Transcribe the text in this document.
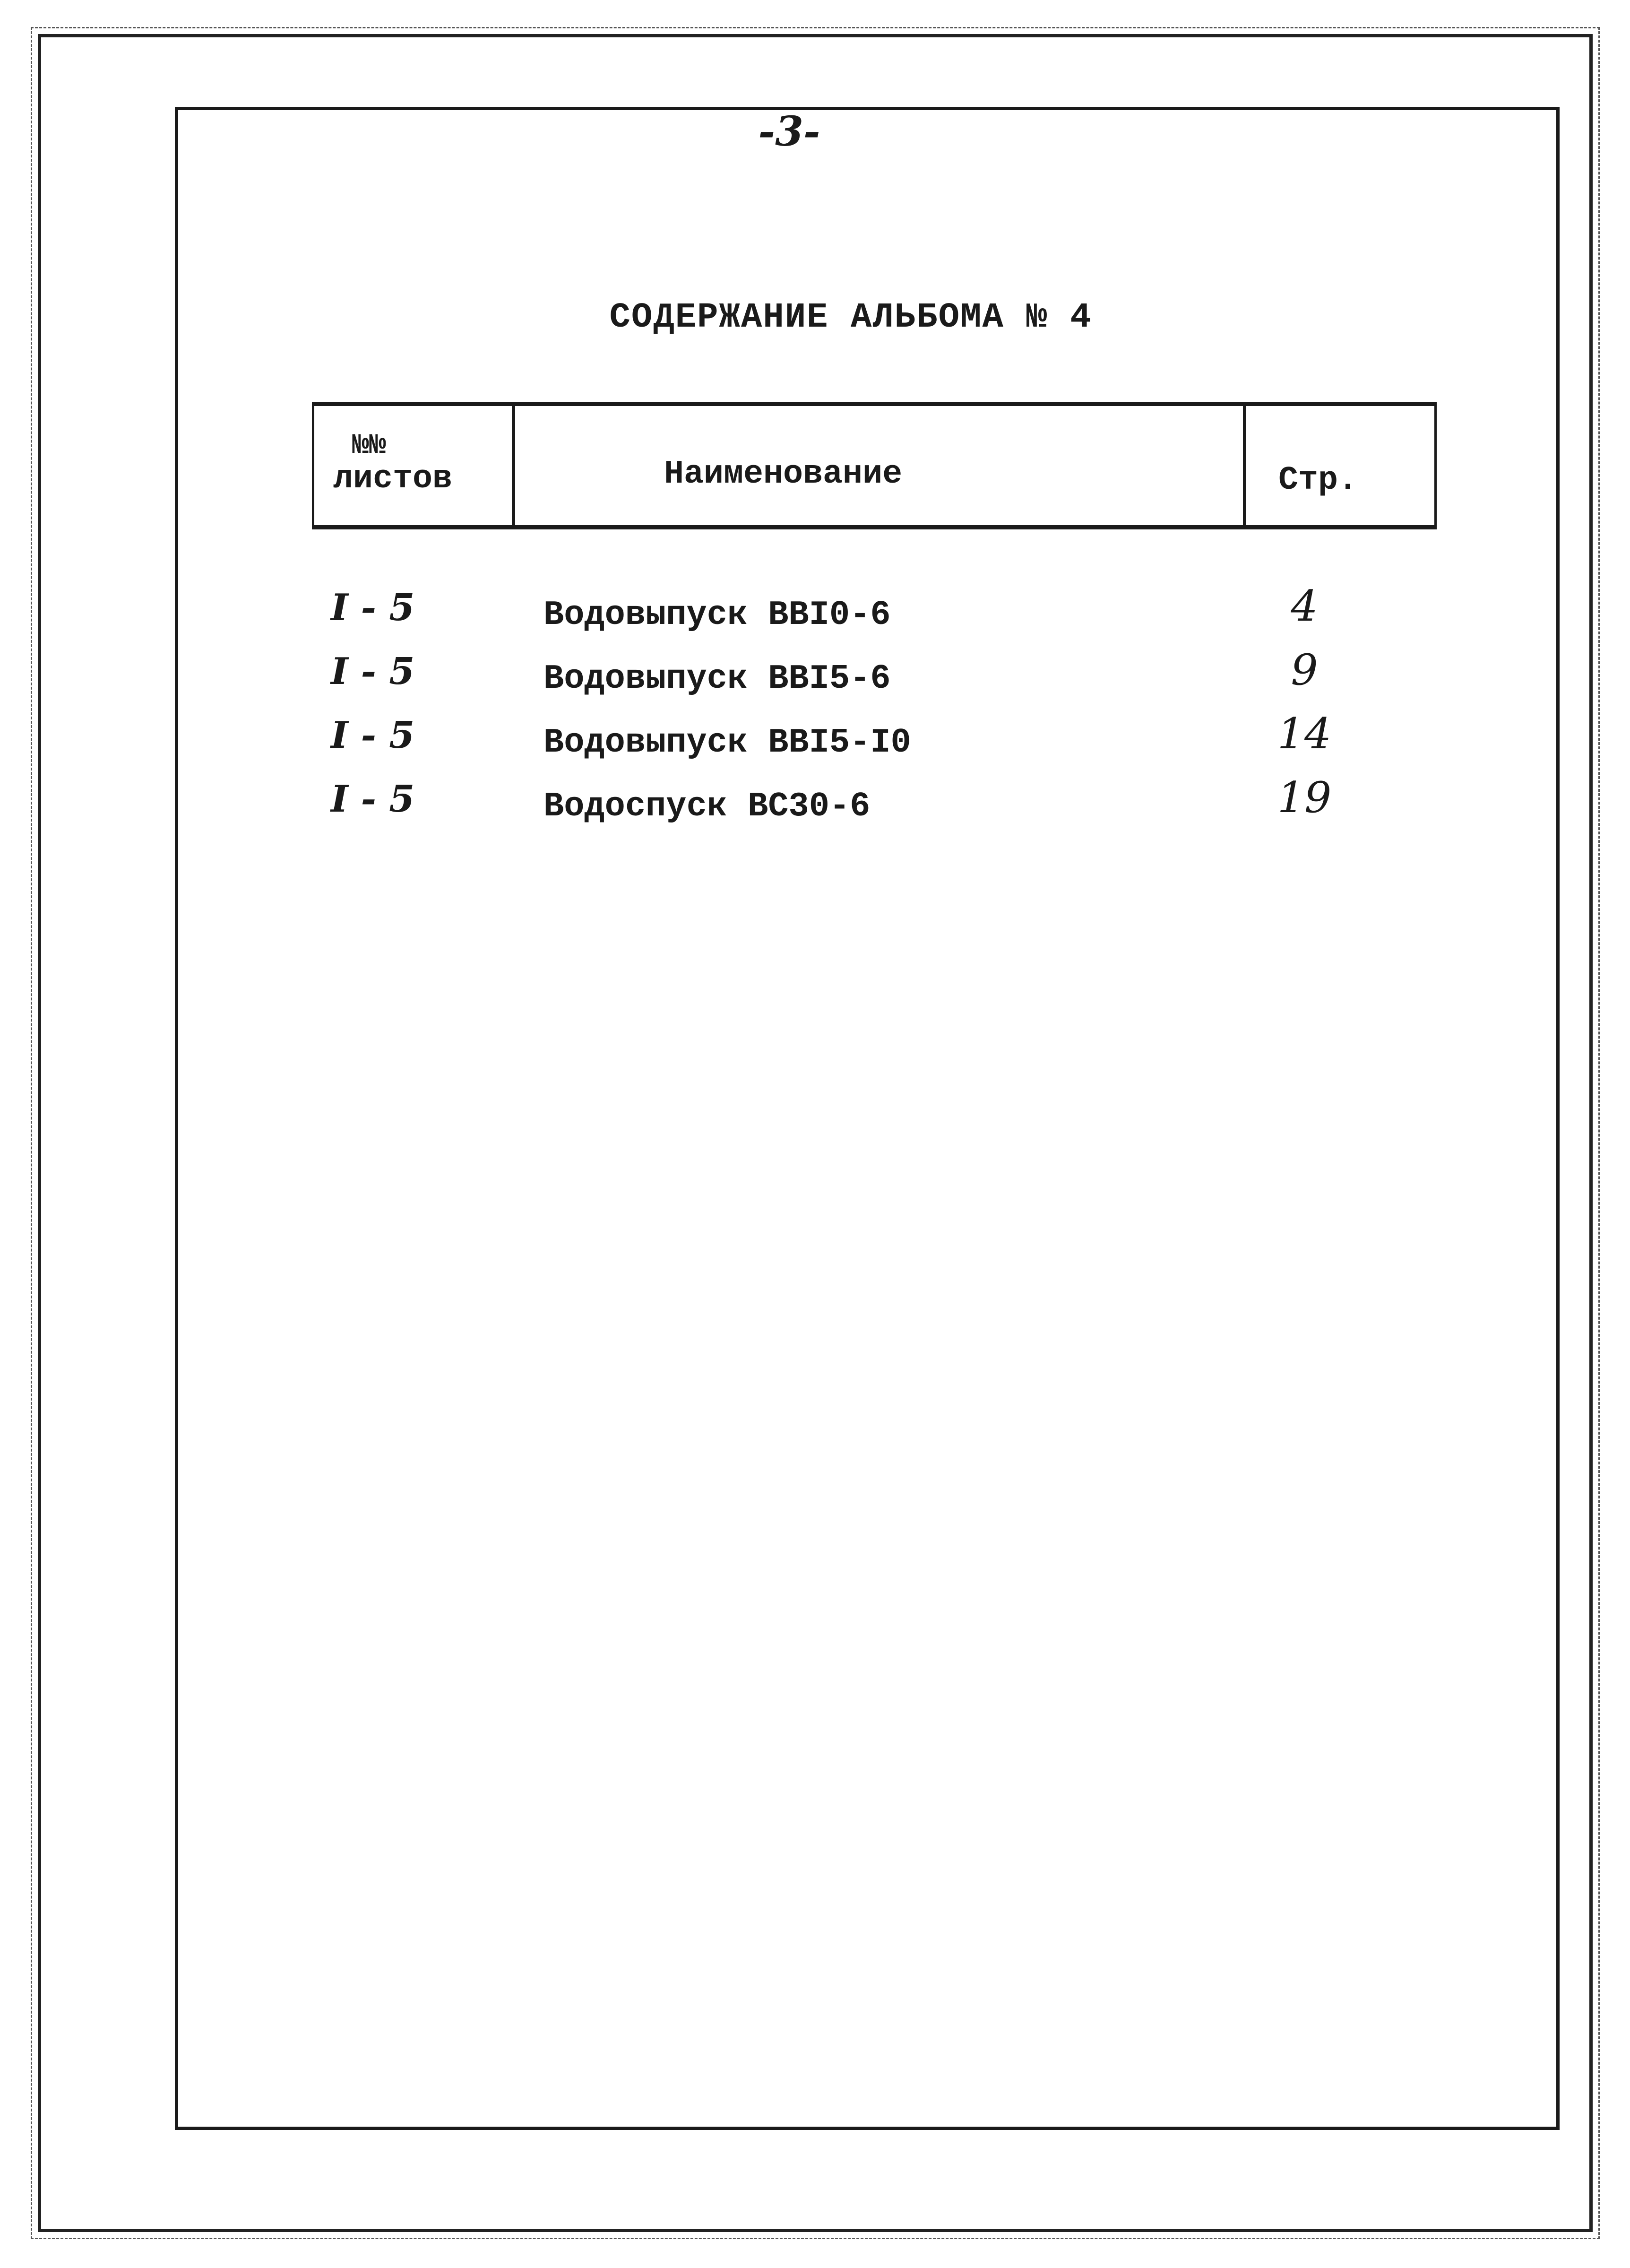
-3-
СОДЕРЖАНИЕ АЛЬБОМА № 4
№№
листов	Наименование	Стр.
I - 5	Водовыпуск ВВI0-6	4
I - 5	Водовыпуск ВВI5-6	9
I - 5	Водовыпуск ВВI5-I0	14
I - 5	Водоспуск ВС30-6	19
